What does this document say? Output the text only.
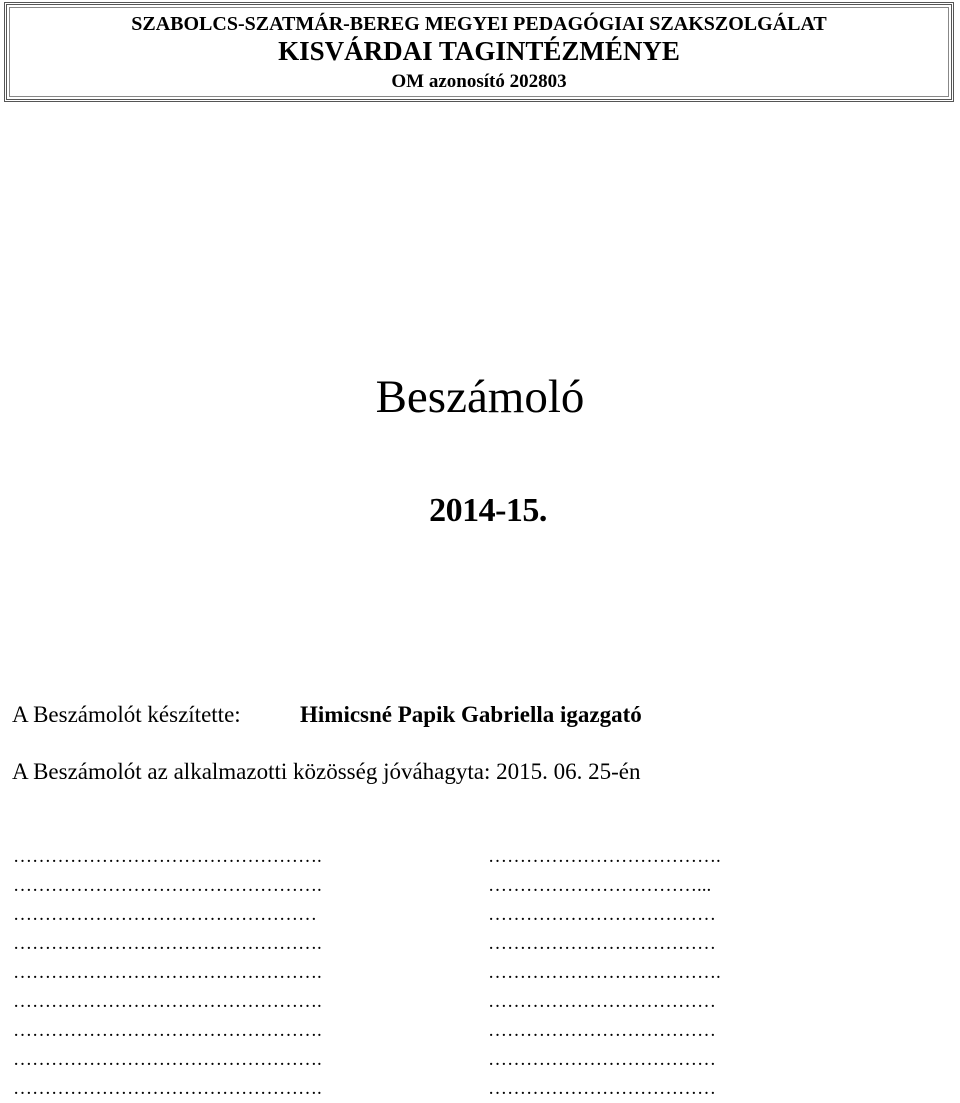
SZABOLCS-SZATMÁR-BEREG MEGYEI PEDAGÓGIAI SZAKSZOLGÁLAT
KISVÁRDAI TAGINTÉZMÉNYE
OM azonosító 202803
Beszámoló
2014-15.
A Beszámolót készítette:	Himicsné Papik Gabriella igazgató
A Beszámolót az alkalmazotti közösség jóváhagyta: 2015. 06. 25-én
………………………………………….
………………………………………….
…………………………………………
………………………………………….
………………………………………….
………………………………………….
………………………………………….
………………………………………….
………………………………………….
……………………………….
……………………………...
………………………………
………………………………
……………………………….
………………………………
………………………………
………………………………
………………………………
